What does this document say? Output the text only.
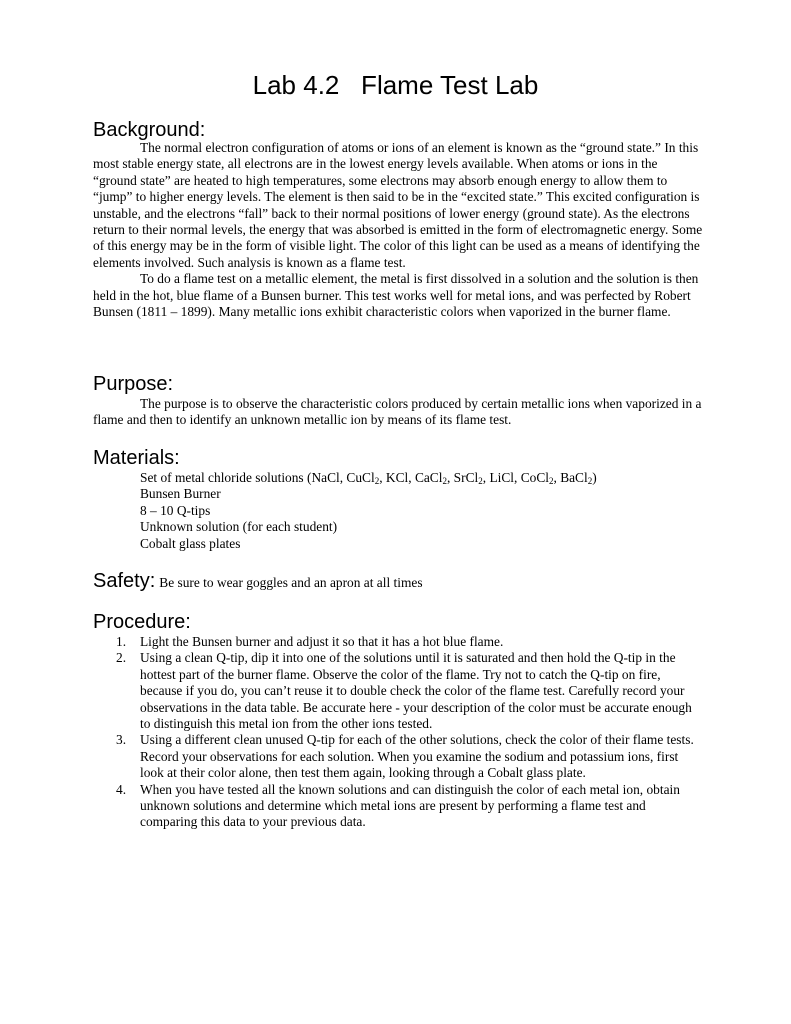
Lab 4.2   Flame Test Lab
Background:

The normal electron configuration of atoms or ions of an element is known as the “ground state.” In this most stable energy state, all electrons are in the lowest energy levels available. When atoms or ions in the “ground state” are heated to high temperatures, some electrons may absorb enough energy to allow them to “jump” to higher energy levels. The element is then said to be in the “excited state.” This excited configuration is unstable, and the electrons “fall” back to their normal positions of lower energy (ground state). As the electrons return to their normal levels, the energy that was absorbed is emitted in the form of electromagnetic energy. Some of this energy may be in the form of visible light. The color of this light can be used as a means of identifying the elements involved. Such analysis is known as a flame test.

To do a flame test on a metallic element, the metal is first dissolved in a solution and the solution is then held in the hot, blue flame of a Bunsen burner. This test works well for metal ions, and was perfected by Robert Bunsen (1811 – 1899). Many metallic ions exhibit characteristic colors when vaporized in the burner flame.

Purpose:

The purpose is to observe the characteristic colors produced by certain metallic ions when vaporized in a flame and then to identify an unknown metallic ion by means of its flame test.

Materials:
Set of metal chloride solutions (NaCl, CuCl$_2$, KCl, CaCl$_2$, SrCl$_2$, LiCl, CoCl$_2$, BaCl$_2$)
Bunsen Burner
8 – 10 Q-tips
Unknown solution (for each student)
Cobalt glass plates
Safety: Be sure to wear goggles and an apron at all times
Procedure:
1. Light the Bunsen burner and adjust it so that it has a hot blue flame.
2. Using a clean Q-tip, dip it into one of the solutions until it is saturated and then hold the Q-tip in the hottest part of the burner flame. Observe the color of the flame. Try not to catch the Q-tip on fire, because if you do, you can’t reuse it to double check the color of the flame test. Carefully record your observations in the data table. Be accurate here - your description of the color must be accurate enough to distinguish this metal ion from the other ions tested.
3. Using a different clean unused Q-tip for each of the other solutions, check the color of their flame tests. Record your observations for each solution. When you examine the sodium and potassium ions, first look at their color alone, then test them again, looking through a Cobalt glass plate.
4. When you have tested all the known solutions and can distinguish the color of each metal ion, obtain unknown solutions and determine which metal ions are present by performing a flame test and comparing this data to your previous data.
